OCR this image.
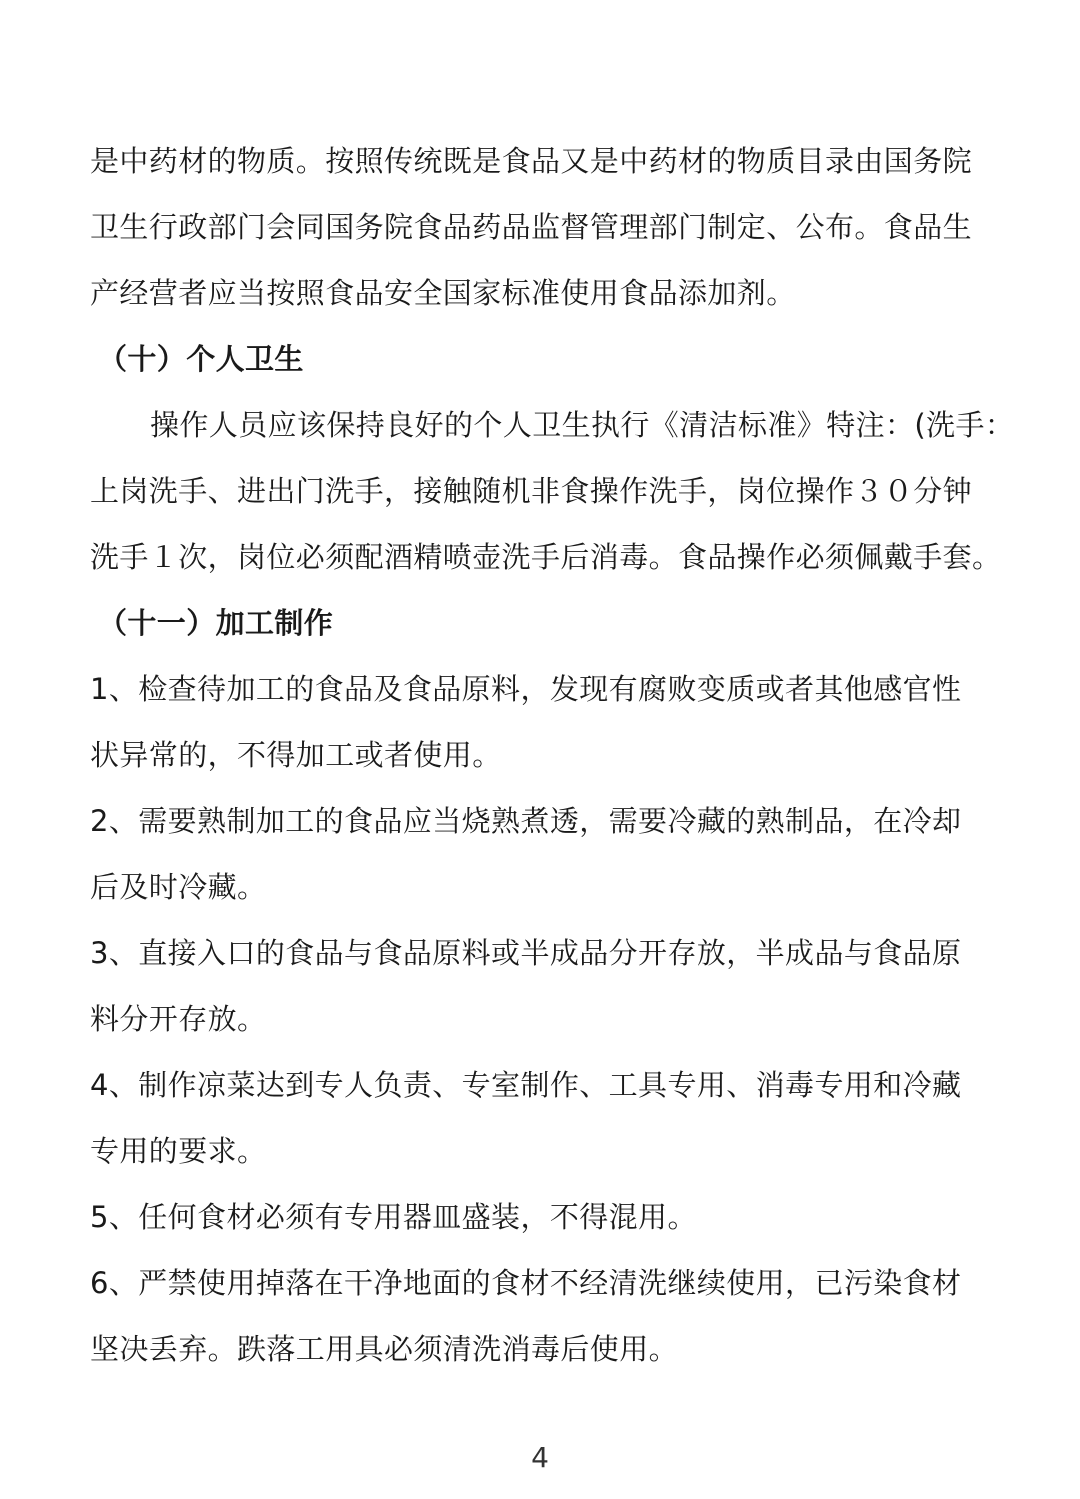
是中药材的物质。按照传统既是食品又是中药材的物质目录由国务院
卫生行政部门会同国务院食品药品监督管理部门制定、公布。食品生
产经营者应当按照食品安全国家标准使用食品添加剂。
（十）个人卫生
操作人员应该保持良好的个人卫生执行《清洁标准》特注：(洗手：
上岗洗手、进出门洗手，接触随机非食操作洗手，岗位操作３０分钟
洗手１次，岗位必须配酒精喷壶洗手后消毒。食品操作必须佩戴手套。
（十一）加工制作
1、检查待加工的食品及食品原料，发现有腐败变质或者其他感官性
状异常的，不得加工或者使用。
2、需要熟制加工的食品应当烧熟煮透，需要冷藏的熟制品，在冷却
后及时冷藏。
3、直接入口的食品与食品原料或半成品分开存放，半成品与食品原
料分开存放。
4、制作凉菜达到专人负责、专室制作、工具专用、消毒专用和冷藏
专用的要求。
5、任何食材必须有专用器皿盛装，不得混用。
6、严禁使用掉落在干净地面的食材不经清洗继续使用，已污染食材
坚决丢弃。跌落工用具必须清洗消毒后使用。
4
